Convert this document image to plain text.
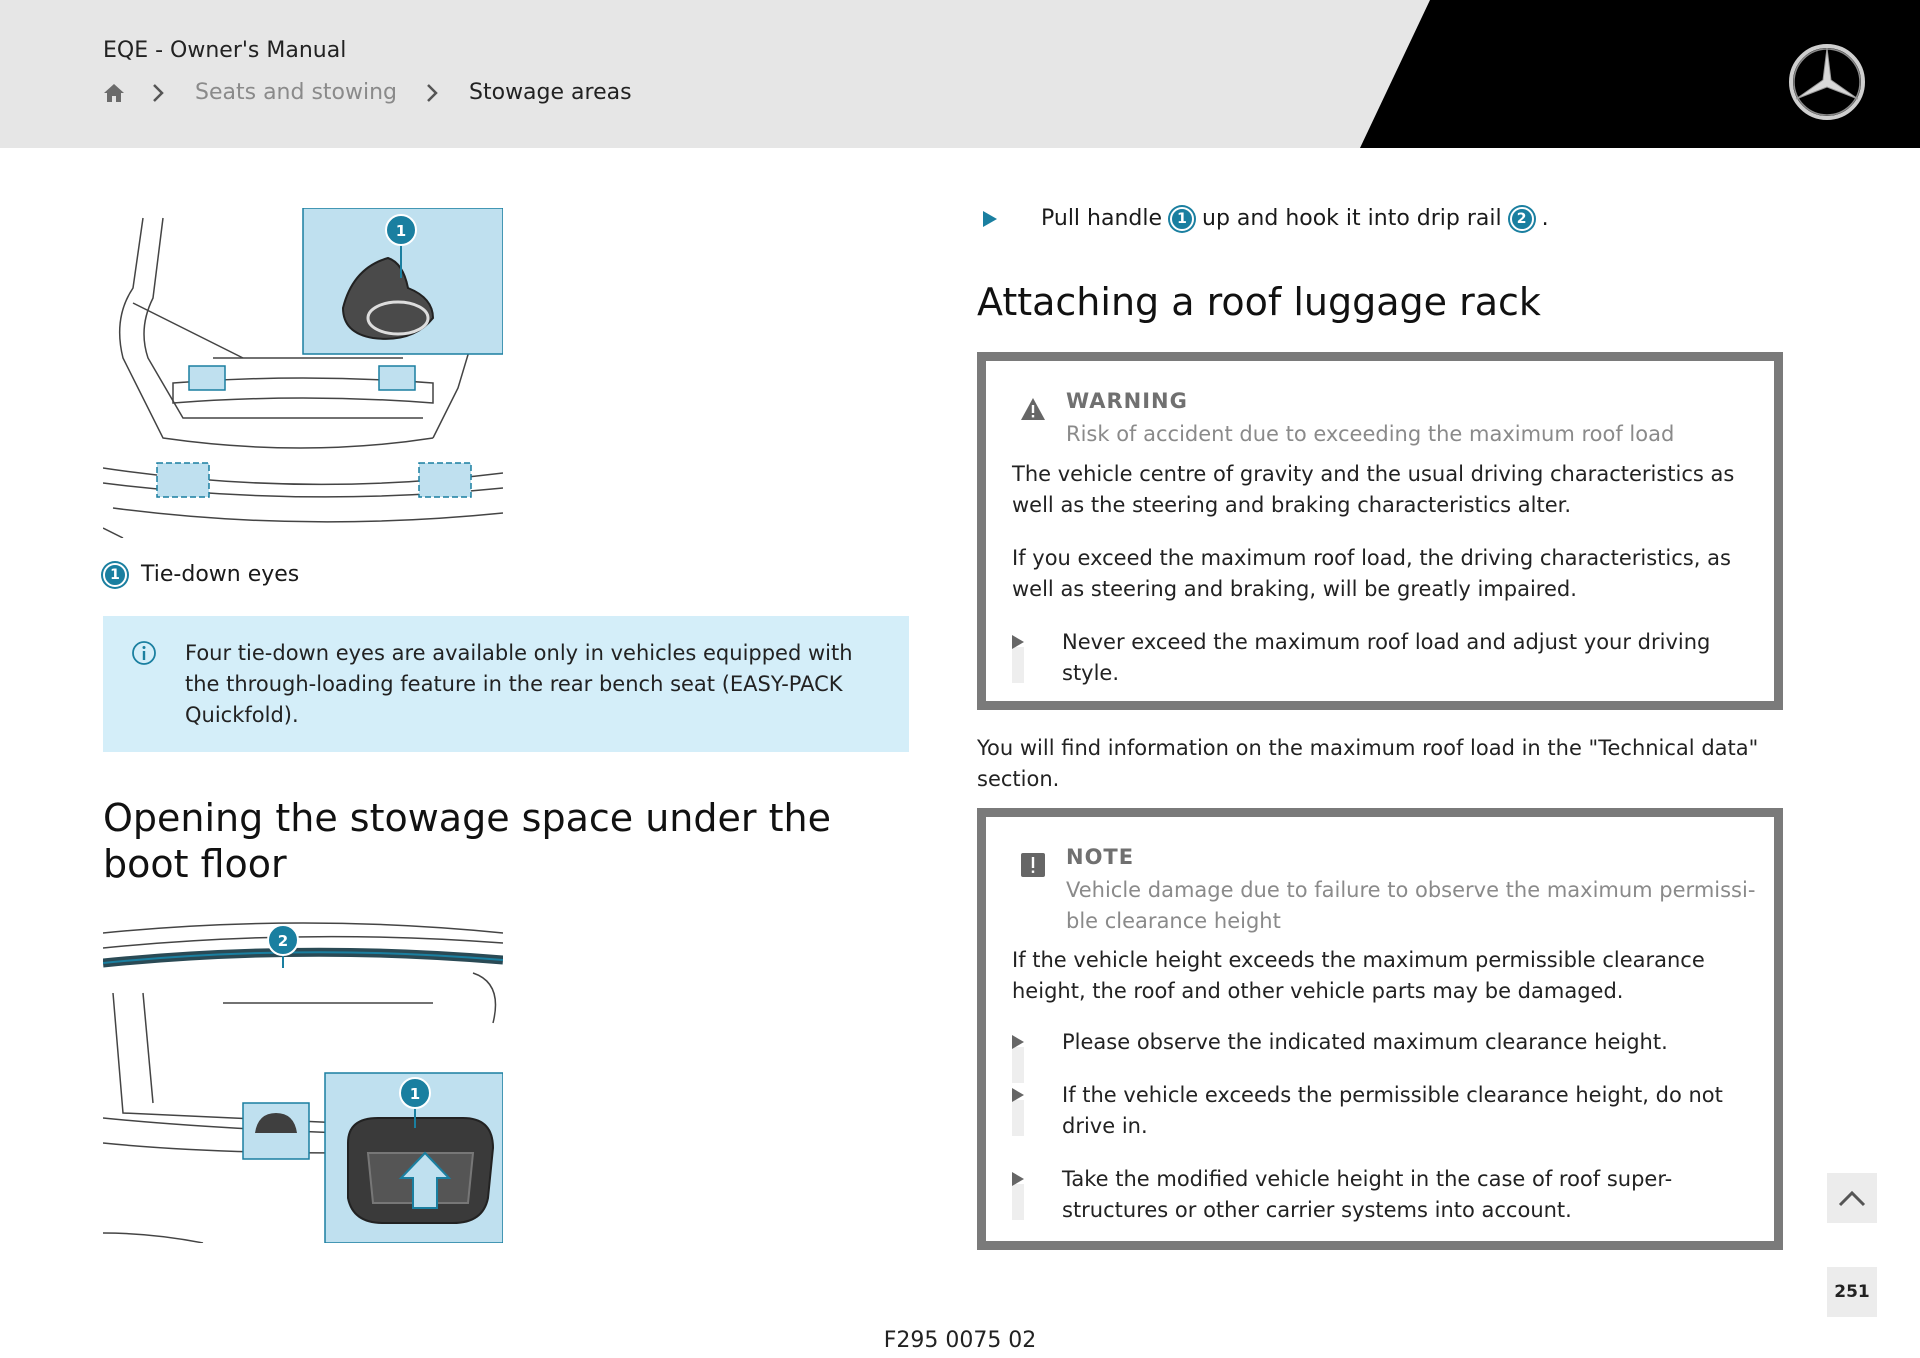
EQE - Owner's Manual
Seats and stowing	Stowage areas
1
1 Tie-down eyes
Four tie-down eyes are available only in vehicles equipped with the through-loading feature in the rear bench seat (EASY-PACK Quickfold).
Opening the stowage space under the boot floor
2
1
Pull handle	1 up and hook it into drip rail	2 .
Attaching a roof luggage rack
WARNING
Risk of accident due to exceeding the maximum roof load
The vehicle centre of gravity and the usual driving characteristics as well as the steering and braking characteristics alter.
If you exceed the maximum roof load, the driving characteristics, as well as steering and braking, will be greatly impaired.
Never exceed the maximum roof load and adjust your driving style.
You will find information on the maximum roof load in the "Technical data" section.
NOTE
Vehicle damage due to failure to observe the maximum permissi- ble clearance height
If the vehicle height exceeds the maximum permissible clearance height, the roof and other vehicle parts may be damaged.
Please observe the indicated maximum clearance height.
If the vehicle exceeds the permissible clearance height, do not drive in.
Take the modified vehicle height in the case of roof super- structures or other carrier systems into account.
251
F295 0075 02
